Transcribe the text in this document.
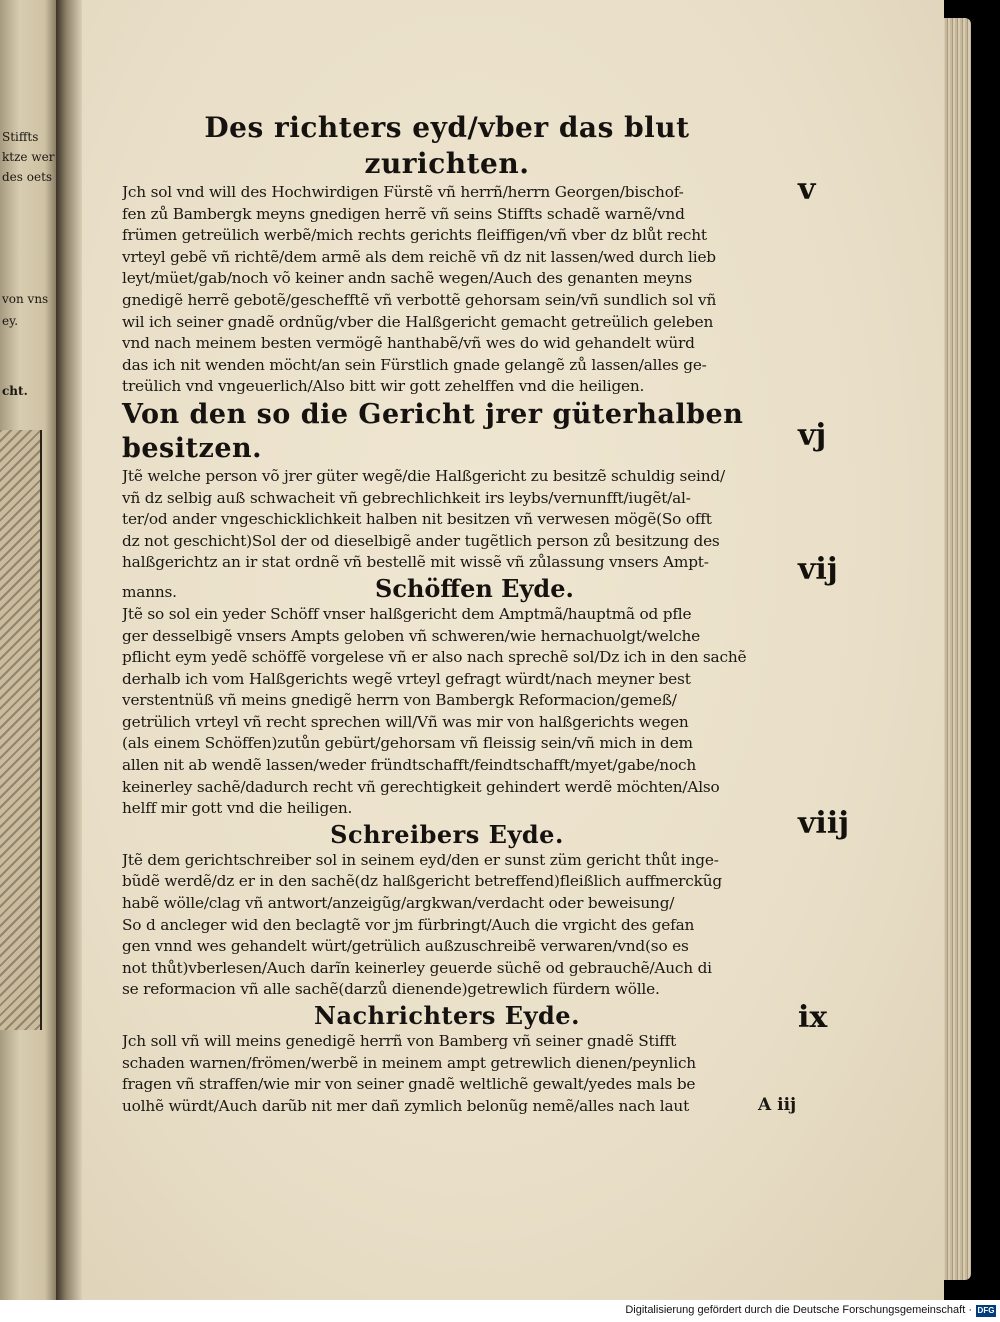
Stiffts
ktze wer
des oets
von vns
ey.
cht.
Des richters eyd/vber das blut zurichten.

Jch sol vnd will des Hochwirdigen Fürstẽ vñ herrñ/herrn Georgen/bischof-
fen zů Bambergk meyns gnedigen herrẽ vñ seins Stiffts schadẽ warnẽ/vnd
frümen getreülich werbẽ/mich rechts gerichts fleiffigen/vñ vber dz blůt recht
vrteyl gebẽ vñ richtẽ/dem armẽ als dem reichẽ vñ dz nit lassen/wed durch lieb
leyt/müet/gab/noch võ keiner andn sachẽ wegen/Auch des genanten meyns
gnedigẽ herrẽ gebotẽ/geschefftẽ vñ verbottẽ gehorsam sein/vñ sundlich sol vñ
wil ich seiner gnadẽ ordnũg/vber die Halßgericht gemacht getreülich geleben
vnd nach meinem besten vermögẽ hanthabẽ/vñ wes do wid gehandelt würd
das ich nit wenden möcht/an sein Fürstlich gnade gelangẽ zů lassen/alles ge-
treülich vnd vngeuerlich/Also bitt wir gott zehelffen vnd die heiligen.

Von den so die Gericht jrer güterhalben besitzen.

Jtẽ welche person võ jrer güter wegẽ/die Halßgericht zu besitzẽ schuldig seind/
vñ dz selbig auß schwacheit vñ gebrechlichkeit irs leybs/vernunfft/iugẽt/al-
ter/od ander vngeschicklichkeit halben nit besitzen vñ verwesen mögẽ(So offt
dz not geschicht)Sol der od dieselbigẽ ander tugẽtlich person zů besitzung des
halßgerichtz an ir stat ordnẽ vñ bestellẽ mit wissẽ vñ zůlassung vnsers Ampt-

manns.	Schöffen Eyde.

Jtẽ so sol ein yeder Schöff vnser halßgericht dem Amptmã/hauptmã od pfle
ger desselbigẽ vnsers Ampts geloben vñ schweren/wie hernachuolgt/welche
pflicht eym yedẽ schöffẽ vorgelese vñ er also nach sprechẽ sol/Dz ich in den sachẽ
derhalb ich vom Halßgerichts wegẽ vrteyl gefragt würdt/nach meyner best
verstentnüß vñ meins gnedigẽ herrn von Bambergk Reformacion/gemeß/
getrülich vrteyl vñ recht sprechen will/Vñ was mir von halßgerichts wegen
(als einem Schöffen)zutůn gebürt/gehorsam vñ fleissig sein/vñ mich in dem
allen nit ab wendẽ lassen/weder fründtschafft/feindtschafft/myet/gabe/noch
keinerley sachẽ/dadurch recht vñ gerechtigkeit gehindert werdẽ möchten/Also
helff mir gott vnd die heiligen.

Schreibers Eyde.

Jtẽ dem gerichtschreiber sol in seinem eyd/den er sunst züm gericht thůt inge-
bũdẽ werdẽ/dz er in den sachẽ(dz halßgericht betreffend)fleißlich auffmerckũg
habẽ wölle/clag vñ antwort/anzeigũg/argkwan/verdacht oder beweisung/
So d ancleger wid den beclagtẽ vor jm fürbringt/Auch die vrgicht des gefan
gen vnnd wes gehandelt würt/getrülich außzuschreibẽ verwaren/vnd(so es
not thůt)vberlesen/Auch darĩn keinerley geuerde süchẽ od gebrauchẽ/Auch di
se reformacion vñ alle sachẽ(darzů dienende)getrewlich fürdern wölle.

Nachrichters Eyde.

Jch soll vñ will meins genedigẽ herrñ von Bamberg vñ seiner gnadẽ Stifft
schaden warnen/frömen/werbẽ in meinem ampt getrewlich dienen/peynlich
fragen vñ straffen/wie mir von seiner gnadẽ weltlichẽ gewalt/yedes mals be
uolhẽ würdt/Auch darũb nit mer dañ zymlich belonũg nemẽ/alles nach laut

v
vj
vij
viij
ix
A iij
Digitalisierung gefördert durch die Deutsche Forschungsgemeinschaft · DFG
